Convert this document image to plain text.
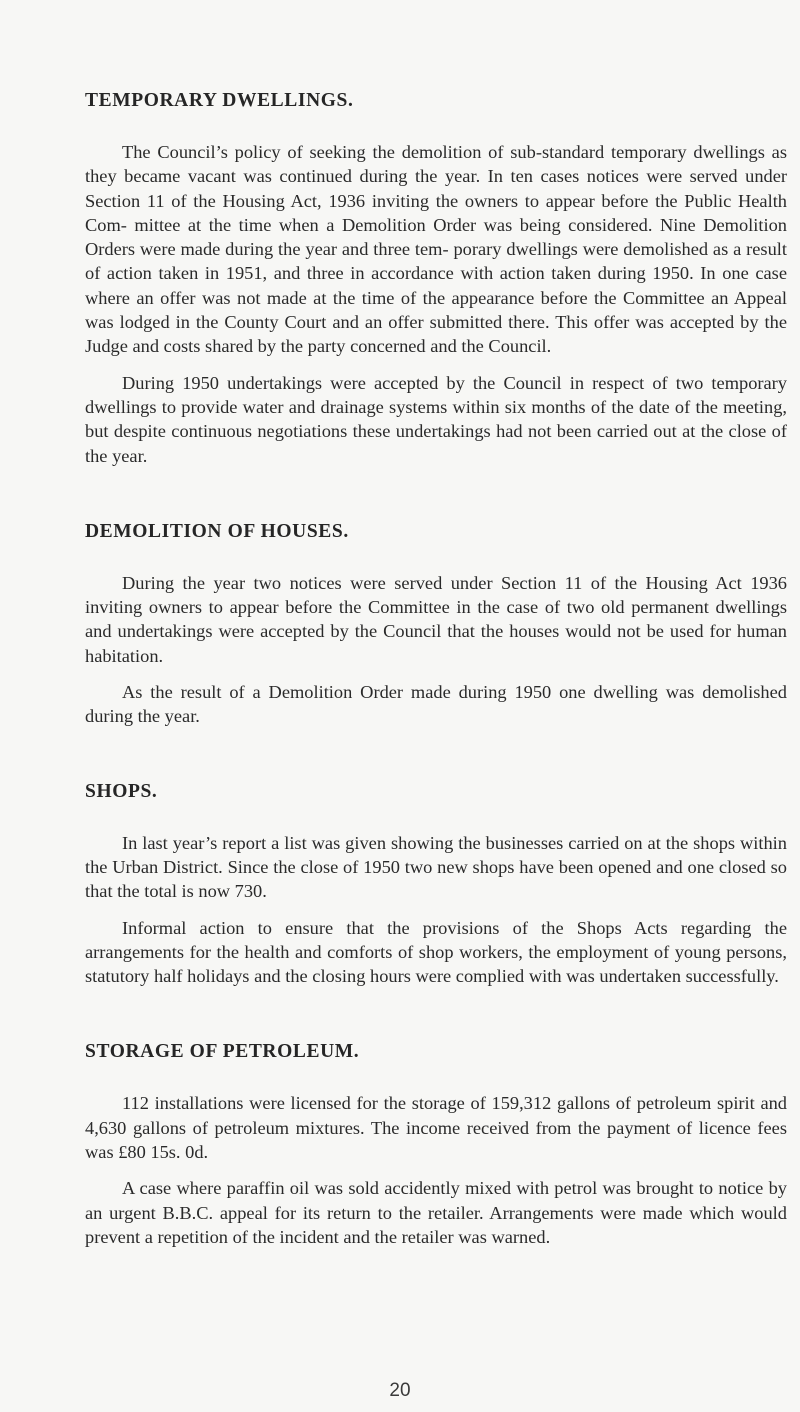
TEMPORARY DWELLINGS.

The Council’s policy of seeking the demolition of sub-standard temporary dwellings as they became vacant was continued during the year. In ten cases notices were served under Section 11 of the Housing Act, 1936 inviting the owners to appear before the Public Health Com- mittee at the time when a Demolition Order was being considered. Nine Demolition Orders were made during the year and three tem- porary dwellings were demolished as a result of action taken in 1951, and three in accordance with action taken during 1950. In one case where an offer was not made at the time of the appearance before the Committee an Appeal was lodged in the County Court and an offer submitted there. This offer was accepted by the Judge and costs shared by the party concerned and the Council.

During 1950 undertakings were accepted by the Council in respect of two temporary dwellings to provide water and drainage systems within six months of the date of the meeting, but despite continuous negotiations these undertakings had not been carried out at the close of the year.

DEMOLITION OF HOUSES.

During the year two notices were served under Section 11 of the Housing Act 1936 inviting owners to appear before the Committee in the case of two old permanent dwellings and undertakings were accepted by the Council that the houses would not be used for human habitation.

As the result of a Demolition Order made during 1950 one dwelling was demolished during the year.

SHOPS.

In last year’s report a list was given showing the businesses carried on at the shops within the Urban District. Since the close of 1950 two new shops have been opened and one closed so that the total is now 730.

Informal action to ensure that the provisions of the Shops Acts regarding the arrangements for the health and comforts of shop workers, the employment of young persons, statutory half holidays and the closing hours were complied with was undertaken successfully.

STORAGE OF PETROLEUM.

112 installations were licensed for the storage of 159,312 gallons of petroleum spirit and 4,630 gallons of petroleum mixtures. The income received from the payment of licence fees was £80 15s. 0d.

A case where paraffin oil was sold accidently mixed with petrol was brought to notice by an urgent B.B.C. appeal for its return to the retailer. Arrangements were made which would prevent a repetition of the incident and the retailer was warned.

20
